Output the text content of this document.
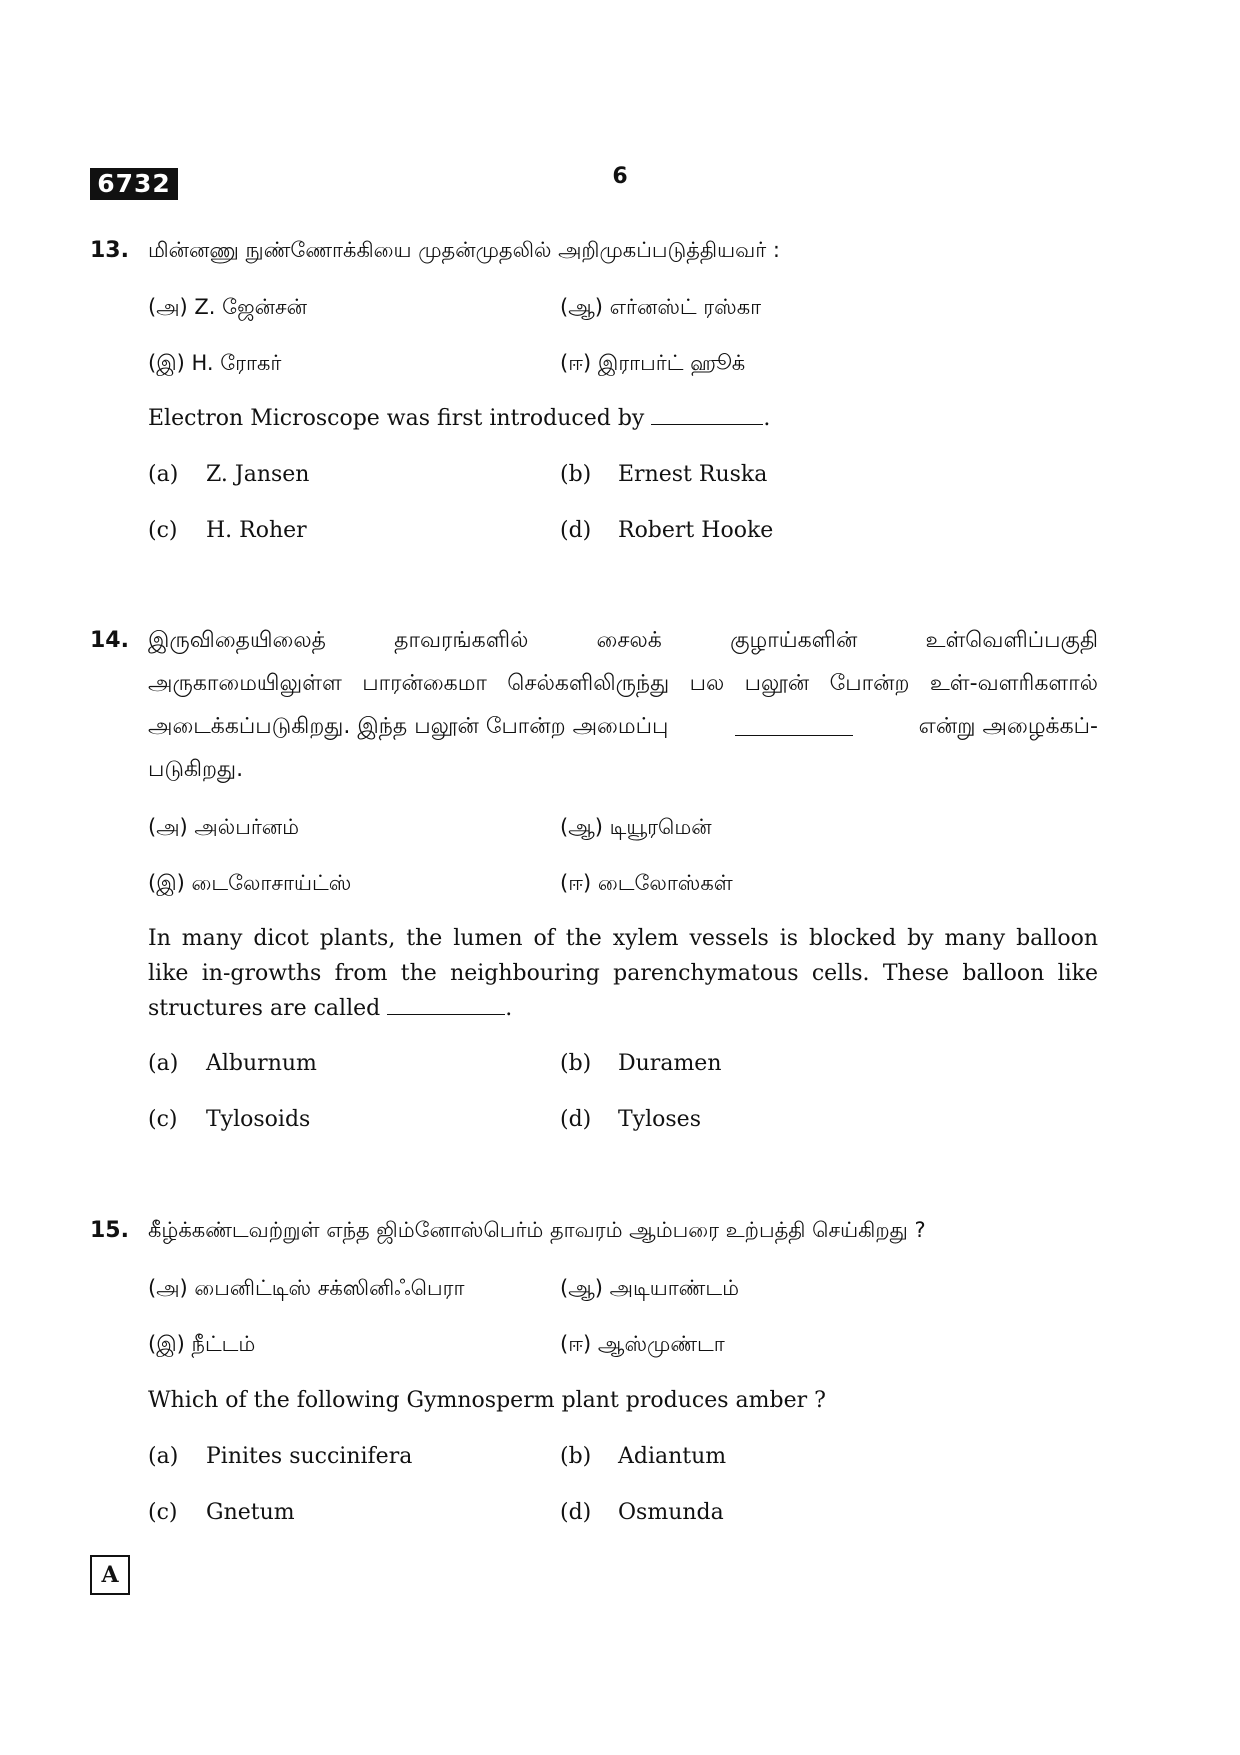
6732	6
13. மின்னணு நுண்ணோக்கியை முதன்முதலில் அறிமுகப்படுத்தியவர் :
(அ) Z. ஜேன்சன்	(ஆ) எர்னஸ்ட் ரஸ்கா
(இ) H. ரோகர்	(ஈ) இராபர்ட் ஹூக்
Electron Microscope was first introduced by	.
(a) Z. Jansen	(b) Ernest Ruska
(c) H. Roher	(d) Robert Hooke
14. இருவிதையிலைத் தாவரங்களில் சைலக் குழாய்களின் உள்வெளிப்பகுதி
அருகாமையிலுள்ள பாரன்கைமா செல்களிலிருந்து பல பலூன் போன்ற உள்-வளரிகளால்
அடைக்கப்படுகிறது. இந்த பலூன் போன்ற அமைப்பு	என்று அழைக்கப்-
படுகிறது.
(அ) அல்பர்னம்	(ஆ) டியூரமென்
(இ) டைலோசாய்ட்ஸ்	(ஈ) டைலோஸ்கள்
In many dicot plants, the lumen of the xylem vessels is blocked by many balloon
like in-growths from the neighbouring parenchymatous cells. These balloon like
structures are called	.
(a) Alburnum	(b) Duramen
(c) Tylosoids	(d) Tyloses
15. கீழ்க்கண்டவற்றுள் எந்த ஜிம்னோஸ்பெர்ம் தாவரம் ஆம்பரை உற்பத்தி செய்கிறது ?
(அ) பைனிட்டிஸ் சக்ஸினிஃபெரா	(ஆ) அடியாண்டம்
(இ) நீட்டம்	(ஈ) ஆஸ்முண்டா
Which of the following Gymnosperm plant produces amber ?
(a) Pinites succinifera	(b) Adiantum
(c) Gnetum	(d) Osmunda
A
